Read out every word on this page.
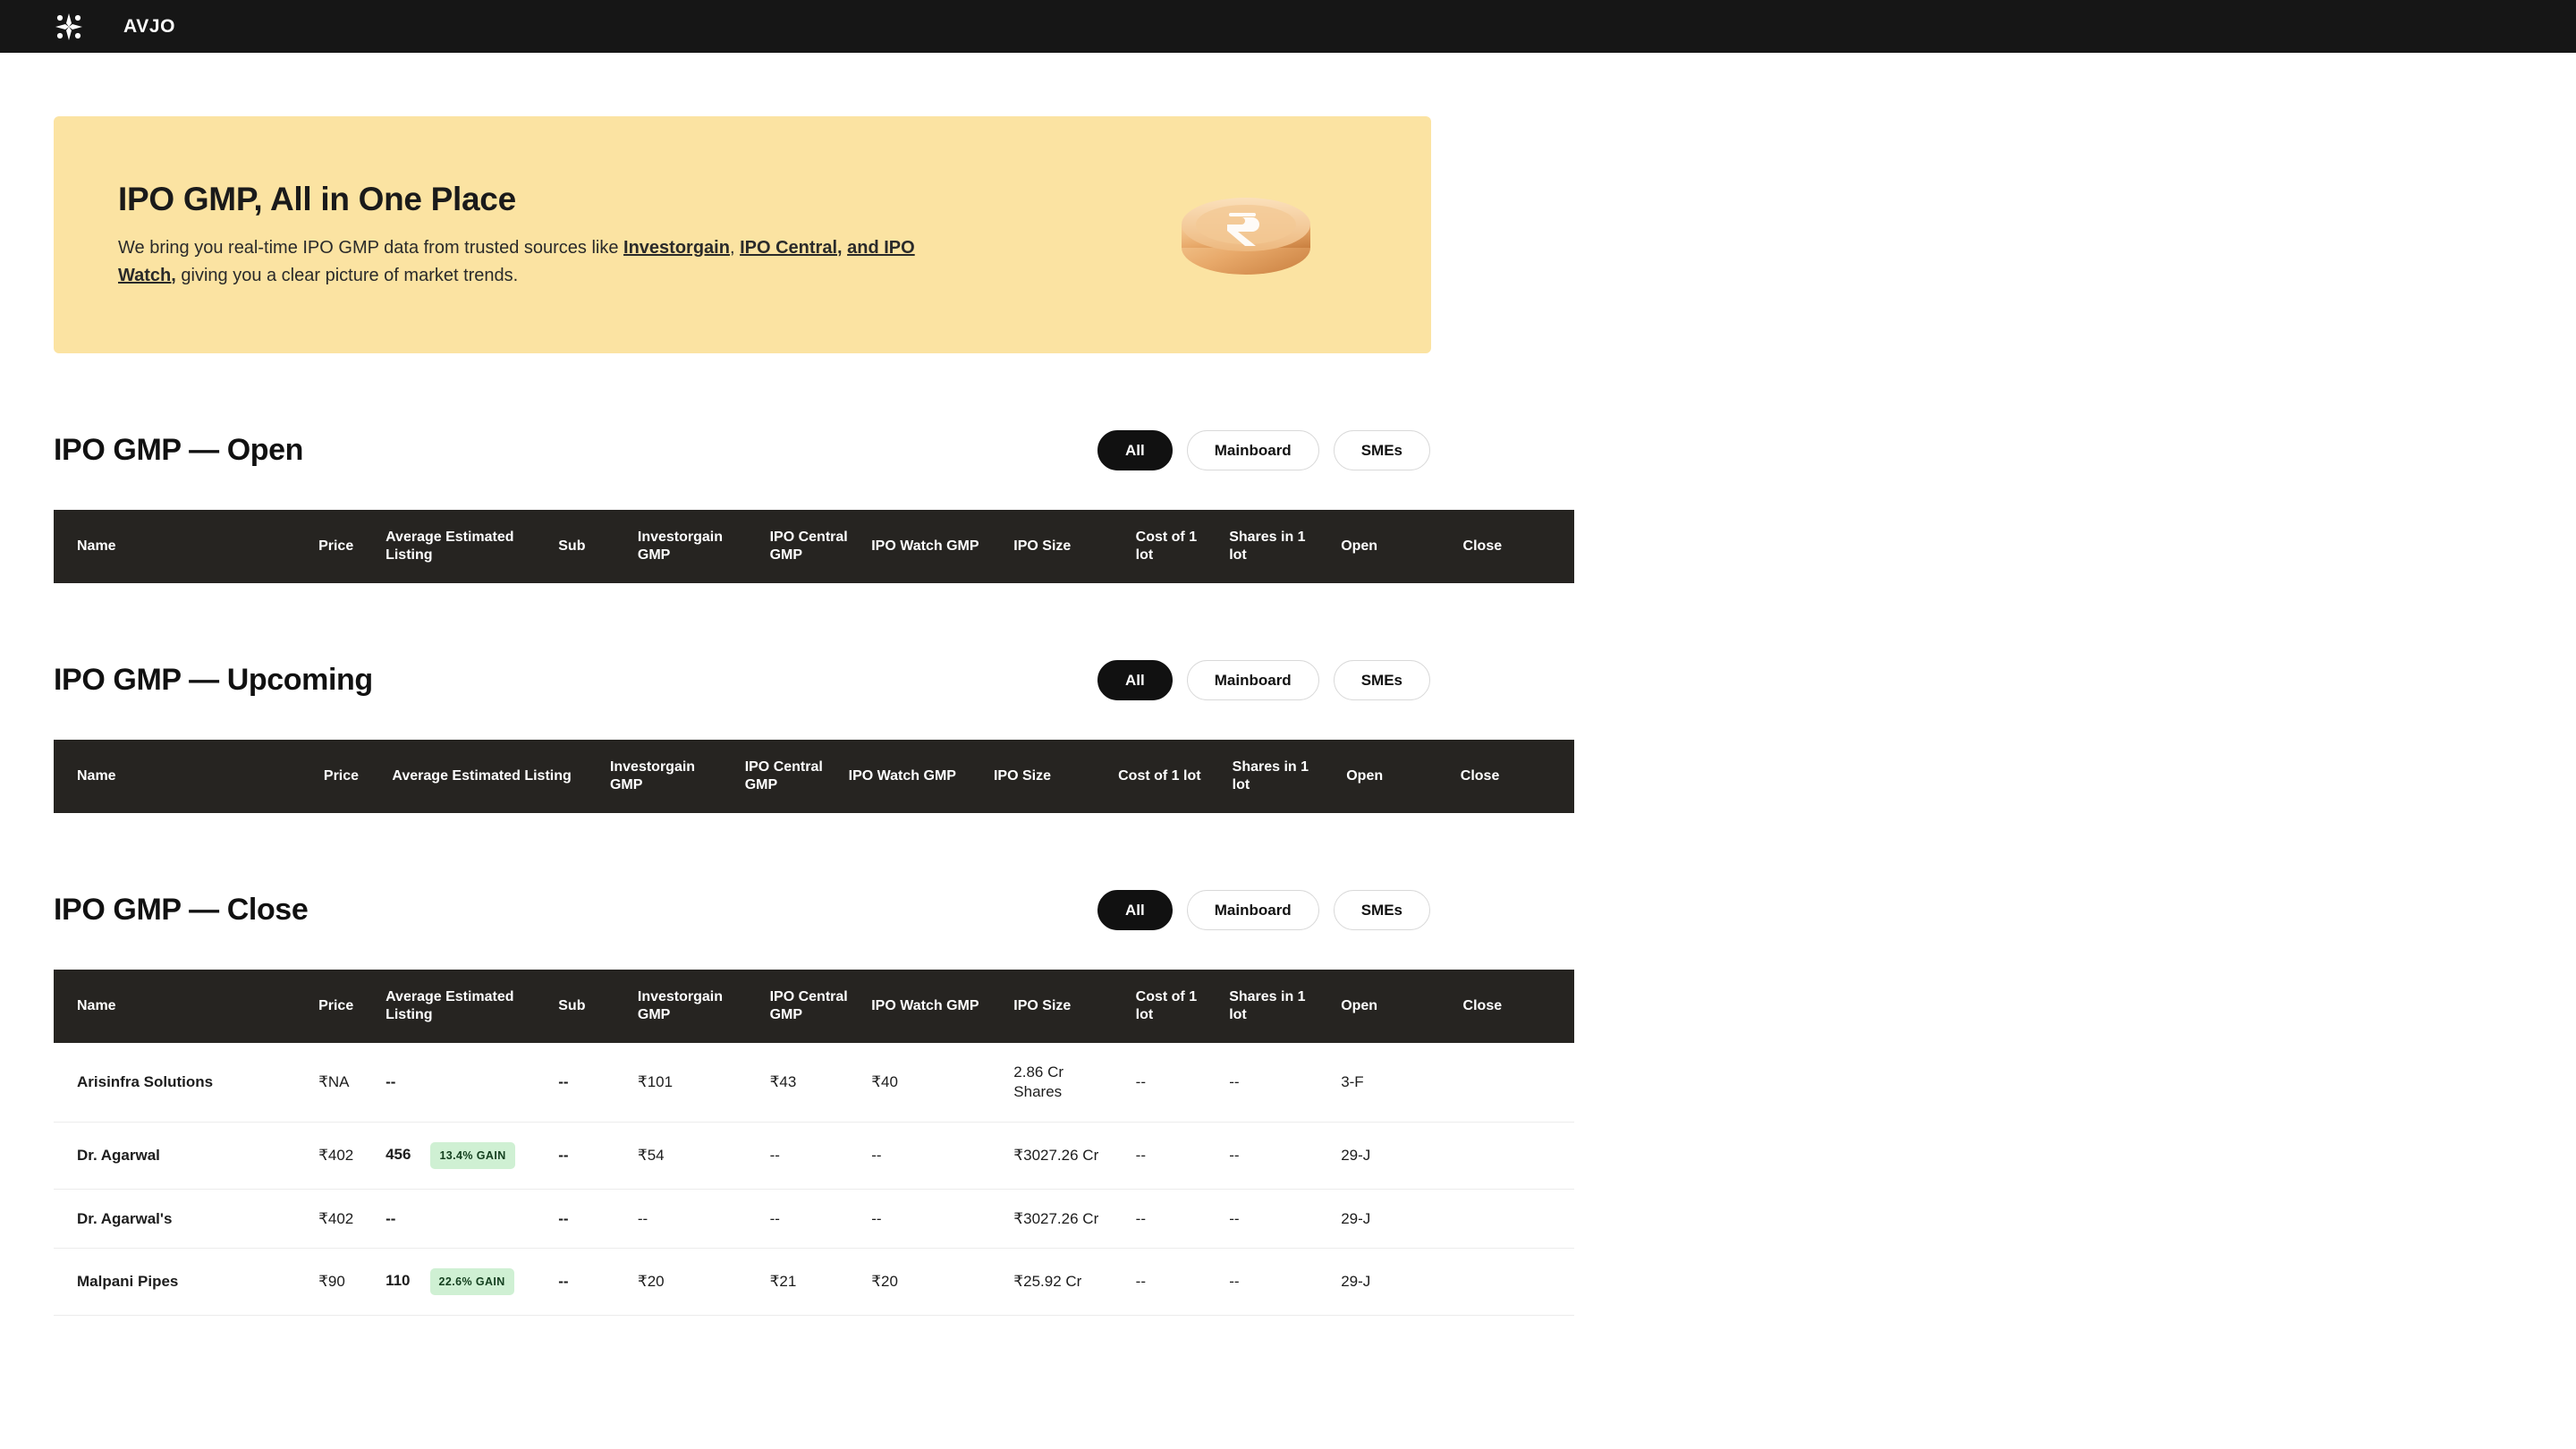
AVJO
IPO GMP, All in One Place

We bring you real-time IPO GMP data from trusted sources like Investorgain, IPO Central, and IPO Watch, giving you a clear picture of market trends.

IPO GMP — Open	All	Mainboard	SMEs
Name	Price	Average Estimated Listing	Sub	Investorgain GMP	IPO Central GMP	IPO Watch GMP	IPO Size	Cost of 1 lot	Shares in 1 lot	Open	Close
IPO GMP — Upcoming	All	Mainboard	SMEs
Name	Price	Average Estimated Listing	Investorgain GMP	IPO Central GMP	IPO Watch GMP	IPO Size	Cost of 1 lot	Shares in 1 lot	Open	Close
IPO GMP — Close	All	Mainboard	SMEs
Name	Price	Average Estimated Listing	Sub	Investorgain GMP	IPO Central GMP	IPO Watch GMP	IPO Size	Cost of 1 lot	Shares in 1 lot	Open	Close
Arisinfra Solutions	₹NA	--	--	₹101	₹43	₹40	2.86 Cr Shares	--	--	3-F	
Dr. Agarwal	₹402	456 13.4% GAIN	--	₹54	--	--	₹3027.26 Cr	--	--	29-J	
Dr. Agarwal's	₹402	--	--	--	--	--	₹3027.26 Cr	--	--	29-J	
Malpani Pipes	₹90	110 22.6% GAIN	--	₹20	₹21	₹20	₹25.92 Cr	--	--	29-J	
